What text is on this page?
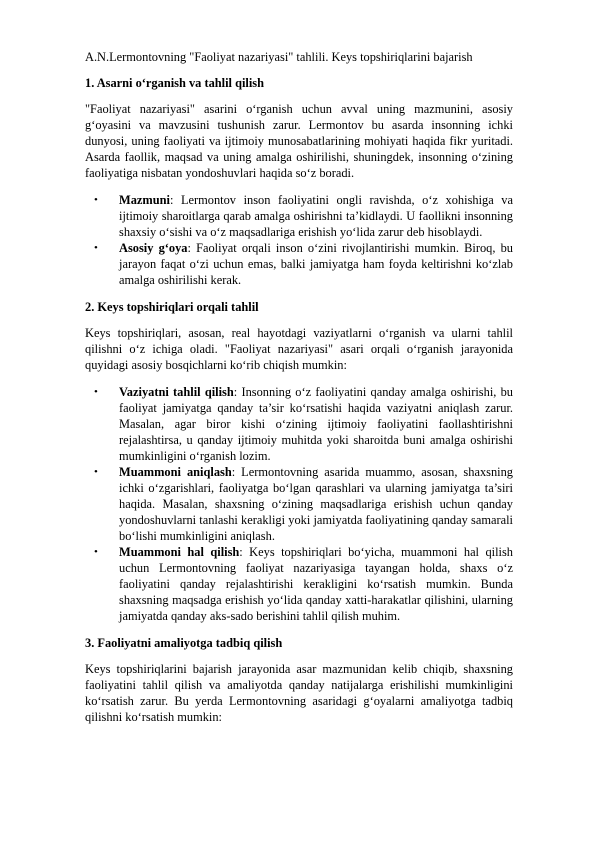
A.N.Lermontovning "Faoliyat nazariyasi" tahlili. Keys topshiriqlarini bajarish

1. Asarni o‘rganish va tahlil qilish

"Faoliyat nazariyasi" asarini o‘rganish uchun avval uning mazmunini, asosiy g‘oyasini va mavzusini tushunish zarur. Lermontov bu asarda insonning ichki dunyosi, uning faoliyati va ijtimoiy munosabatlarining mohiyati haqida fikr yuritadi. Asarda faollik, maqsad va uning amalga oshirilishi, shuningdek, insonning o‘zining faoliyatiga nisbatan yondoshuvlari haqida so‘z boradi.

• Mazmuni: Lermontov inson faoliyatini ongli ravishda, o‘z xohishiga va ijtimoiy sharoitlarga qarab amalga oshirishni ta’kidlaydi. U faollikni insonning shaxsiy o‘sishi va o‘z maqsadlariga erishish yo‘lida zarur deb hisoblaydi.
• Asosiy g‘oya: Faoliyat orqali inson o‘zini rivojlantirishi mumkin. Biroq, bu jarayon faqat o‘zi uchun emas, balki jamiyatga ham foyda keltirishni ko‘zlab amalga oshirilishi kerak.
2. Keys topshiriqlari orqali tahlil

Keys topshiriqlari, asosan, real hayotdagi vaziyatlarni o‘rganish va ularni tahlil qilishni o‘z ichiga oladi. "Faoliyat nazariyasi" asari orqali o‘rganish jarayonida quyidagi asosiy bosqichlarni ko‘rib chiqish mumkin:

• Vaziyatni tahlil qilish: Insonning o‘z faoliyatini qanday amalga oshirishi, bu faoliyat jamiyatga qanday ta’sir ko‘rsatishi haqida vaziyatni aniqlash zarur. Masalan, agar biror kishi o‘zining ijtimoiy faoliyatini faollashtirishni rejalashtirsa, u qanday ijtimoiy muhitda yoki sharoitda buni amalga oshirishi mumkinligini o‘rganish lozim.
• Muammoni aniqlash: Lermontovning asarida muammo, asosan, shaxsning ichki o‘zgarishlari, faoliyatga bo‘lgan qarashlari va ularning jamiyatga ta’siri haqida. Masalan, shaxsning o‘zining maqsadlariga erishish uchun qanday yondoshuvlarni tanlashi kerakligi yoki jamiyatda faoliyatining qanday samarali bo‘lishi mumkinligini aniqlash.
• Muammoni hal qilish: Keys topshiriqlari bo‘yicha, muammoni hal qilish uchun Lermontovning faoliyat nazariyasiga tayangan holda, shaxs o‘z faoliyatini qanday rejalashtirishi kerakligini ko‘rsatish mumkin. Bunda shaxsning maqsadga erishish yo‘lida qanday xatti-harakatlar qilishini, ularning jamiyatda qanday aks-sado berishini tahlil qilish muhim.
3. Faoliyatni amaliyotga tadbiq qilish

Keys topshiriqlarini bajarish jarayonida asar mazmunidan kelib chiqib, shaxsning faoliyatini tahlil qilish va amaliyotda qanday natijalarga erishilishi mumkinligini ko‘rsatish zarur. Bu yerda Lermontovning asaridagi g‘oyalarni amaliyotga tadbiq qilishni ko‘rsatish mumkin:
